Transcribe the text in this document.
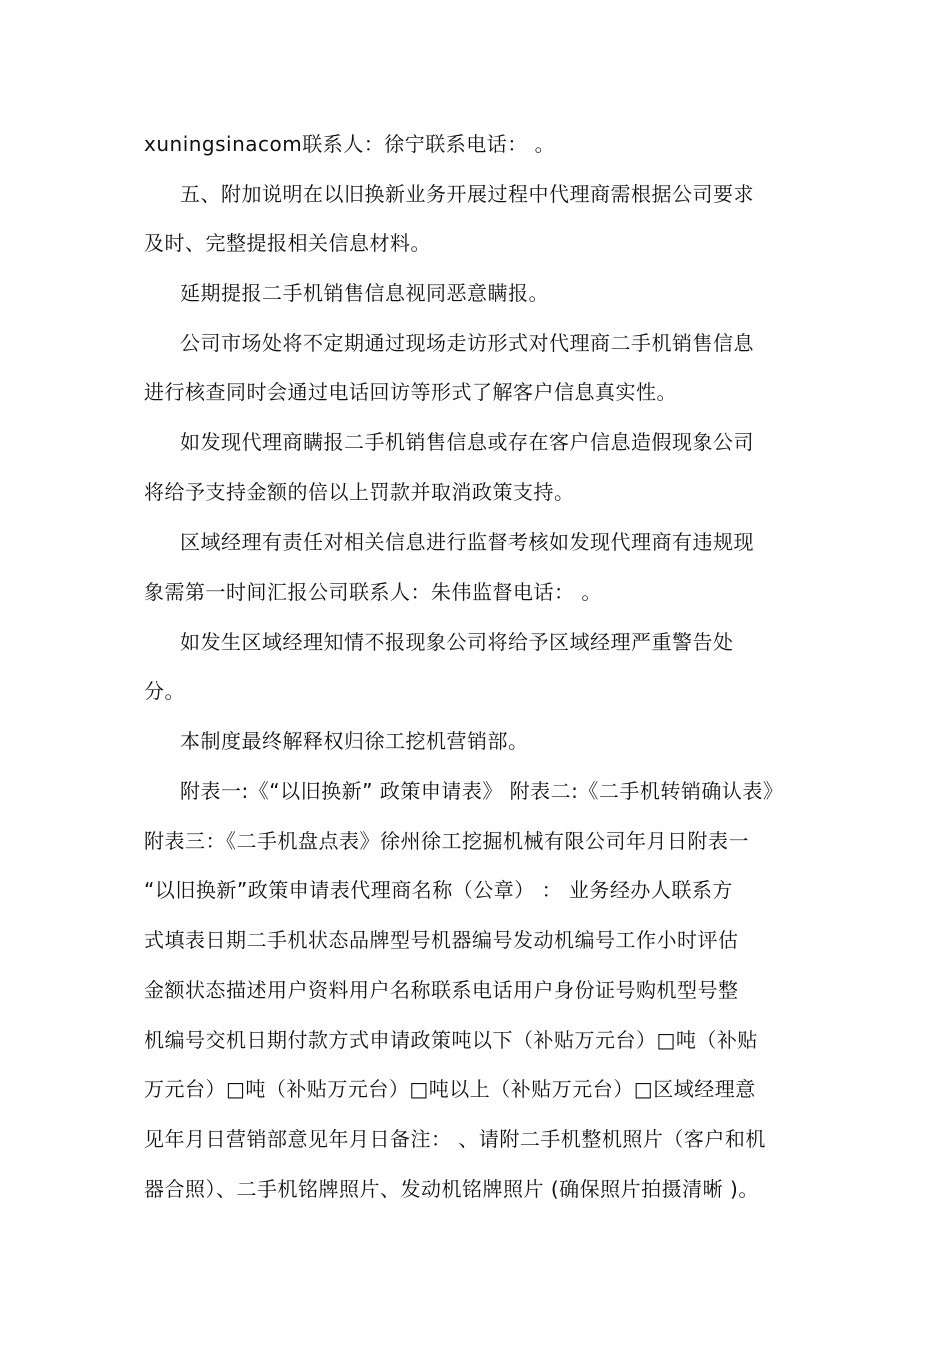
xuningsinacom联系人：徐宁联系电话： 。
五、附加说明在以旧换新业务开展过程中代理商需根据公司要求
及时、完整提报相关信息材料。
延期提报二手机销售信息视同恶意瞒报。
公司市场处将不定期通过现场走访形式对代理商二手机销售信息
进行核查同时会通过电话回访等形式了解客户信息真实性。
如发现代理商瞒报二手机销售信息或存在客户信息造假现象公司
将给予支持金额的倍以上罚款并取消政策支持。
区域经理有责任对相关信息进行监督考核如发现代理商有违规现
象需第一时间汇报公司联系人：朱伟监督电话： 。
如发生区域经理知情不报现象公司将给予区域经理严重警告处
分。
本制度最终解释权归徐工挖机营销部。
附表一:《“以旧换新” 政策申请表》 附表二:《二手机转销确认表》
附表三：《二手机盘点表》徐州徐工挖掘机械有限公司年月日附表一
“以旧换新”政策申请表代理商名称（公章） ： 业务经办人联系方
式填表日期二手机状态品牌型号机器编号发动机编号工作小时评估
金额状态描述用户资料用户名称联系电话用户身份证号购机型号整
机编号交机日期付款方式申请政策吨以下（补贴万元台）□吨（补贴
万元台）□吨（补贴万元台）□吨以上（补贴万元台）□区域经理意
见年月日营销部意见年月日备注： 、请附二手机整机照片（客户和机
器合照）、二手机铭牌照片、发动机铭牌照片 (确保照片拍摄清晰 )。
